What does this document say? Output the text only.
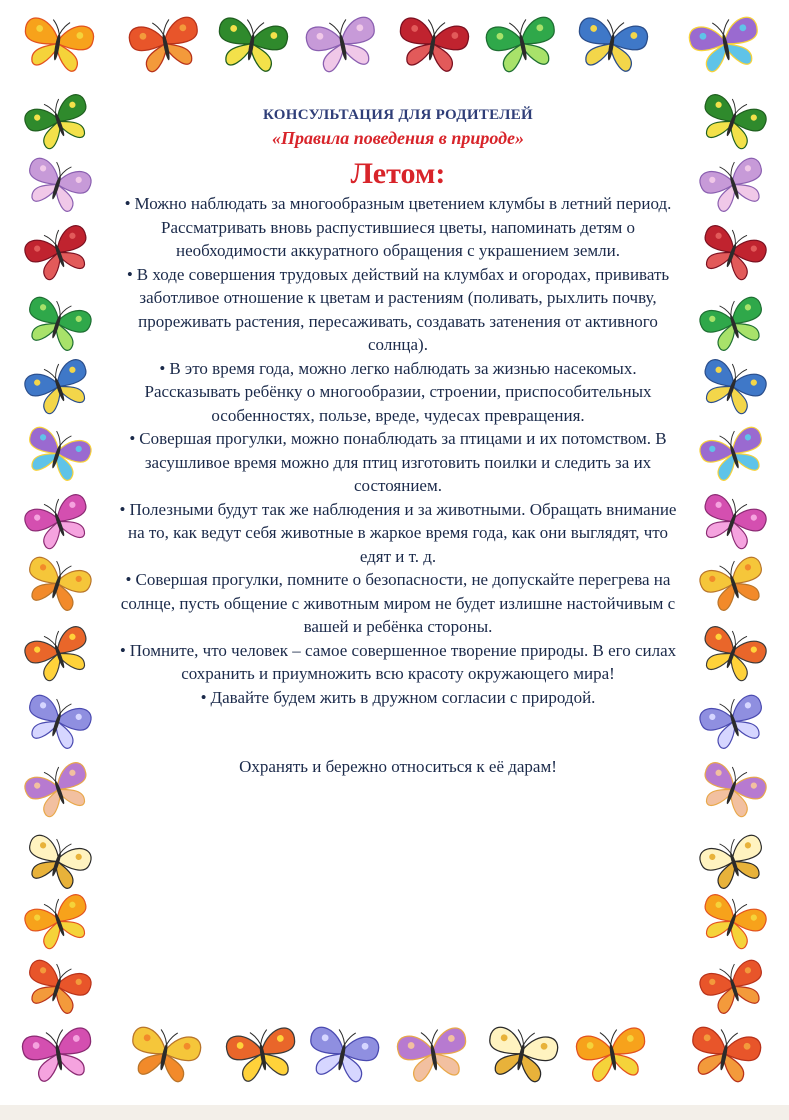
КОНСУЛЬТАЦИЯ ДЛЯ РОДИТЕЛЕЙ
«Правила поведения в природе»
Летом:
• Можно наблюдать за многообразным цветением клумбы в летний период. Рассматривать вновь распустившиеся цветы, напоминать детям о необходимости аккуратного обращения с украшением земли.
• В ходе совершения трудовых действий на клумбах и огородах, прививать заботливое отношение к цветам и растениям (поливать, рыхлить почву, прореживать растения, пересаживать, создавать затенения от активного солнца).
• В это время года, можно легко наблюдать за жизнью насекомых. Рассказывать ребёнку о многообразии, строении, приспособительных особенностях, пользе, вреде, чудесах превращения.
• Совершая прогулки, можно понаблюдать за птицами и их потомством. В засушливое время можно для птиц изготовить поилки и следить за их состоянием.
• Полезными будут так же наблюдения и за животными. Обращать внимание на то, как ведут себя животные в жаркое время года, как они выглядят, что едят и т. д.
• Совершая прогулки, помните о безопасности, не допускайте перегрева на солнце, пусть общение с животным миром не будет излишне настойчивым с вашей и ребёнка стороны.
• Помните, что человек – самое совершенное творение природы. В его силах сохранить и приумножить всю красоту окружающего мира!
• Давайте будем жить в дружном согласии с природой.
Охранять и бережно относиться к её дарам!
